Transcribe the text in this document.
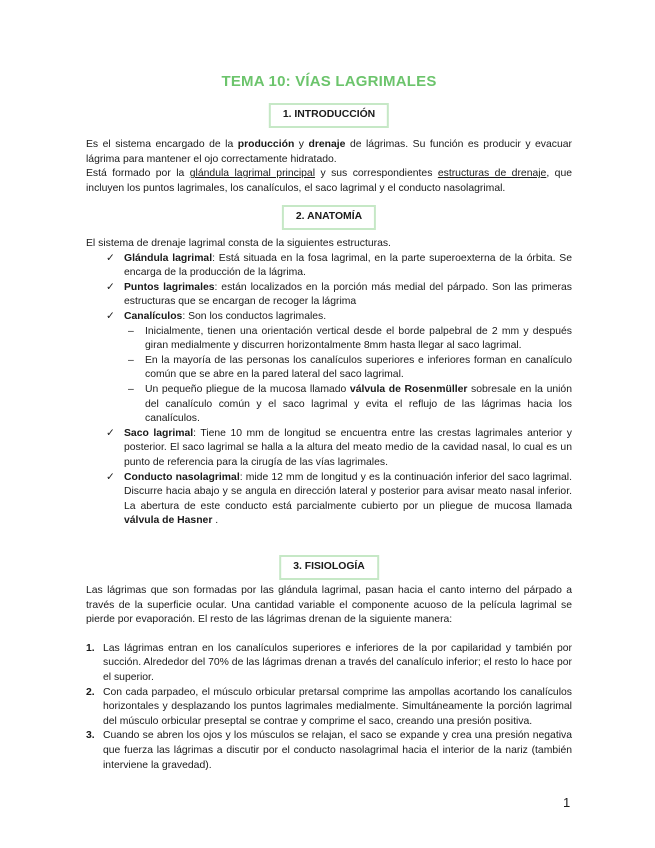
TEMA 10: VÍAS LAGRIMALES
1. INTRODUCCIÓN

Es el sistema encargado de la producción y drenaje de lágrimas. Su función es producir y evacuar lágrima para mantener el ojo correctamente hidratado.

Está formado por la glándula lagrimal principal y sus correspondientes estructuras de drenaje, que incluyen los puntos lagrimales, los canalículos, el saco lagrimal y el conducto nasolagrimal.

2. ANATOMÍA

El sistema de drenaje lagrimal consta de la siguientes estructuras.

✓ Glándula lagrimal: Está situada en la fosa lagrimal, en la parte superoexterna de la órbita. Se encarga de la producción de la lágrima.
✓ Puntos lagrimales: están localizados en la porción más medial del párpado. Son las primeras estructuras que se encargan de recoger la lágrima
✓ Canalículos: Son los conductos lagrimales.
– Inicialmente, tienen una orientación vertical desde el borde palpebral de 2 mm y después giran medialmente y discurren horizontalmente 8mm hasta llegar al saco lagrimal.
– En la mayoría de las personas los canalículos superiores e inferiores forman en canalículo común que se abre en la pared lateral del saco lagrimal.
– Un pequeño pliegue de la mucosa llamado válvula de Rosenmüller sobresale en la unión del canalículo común y el saco lagrimal y evita el reflujo de las lágrimas hacia los canalículos.
✓ Saco lagrimal: Tiene 10 mm de longitud se encuentra entre las crestas lagrimales anterior y posterior. El saco lagrimal se halla a la altura del meato medio de la cavidad nasal, lo cual es un punto de referencia para la cirugía de las vías lagrimales.
✓ Conducto nasolagrimal: mide 12 mm de longitud y es la continuación inferior del saco lagrimal. Discurre hacia abajo y se angula en dirección lateral y posterior para avisar meato nasal inferior. La abertura de este conducto está parcialmente cubierto por un pliegue de mucosa llamada válvula de Hasner .
3. FISIOLOGÍA

Las lágrimas que son formadas por las glándula lagrimal, pasan hacia el canto interno del párpado a través de la superficie ocular. Una cantidad variable el componente acuoso de la película lagrimal se pierde por evaporación. El resto de las lágrimas drenan de la siguiente manera:

1. Las lágrimas entran en los canalículos superiores e inferiores de la por capilaridad y también por succión. Alrededor del 70% de las lágrimas drenan a través del canalículo inferior; el resto lo hace por el superior.
2. Con cada parpadeo, el músculo orbicular pretarsal comprime las ampollas acortando los canalículos horizontales y desplazando los puntos lagrimales medialmente. Simultáneamente la porción lagrimal del músculo orbicular preseptal se contrae y comprime el saco, creando una presión positiva.
3. Cuando se abren los ojos y los músculos se relajan, el saco se expande y crea una presión negativa que fuerza las lágrimas a discutir por el conducto nasolagrimal hacia el interior de la nariz (también interviene la gravedad).
1
